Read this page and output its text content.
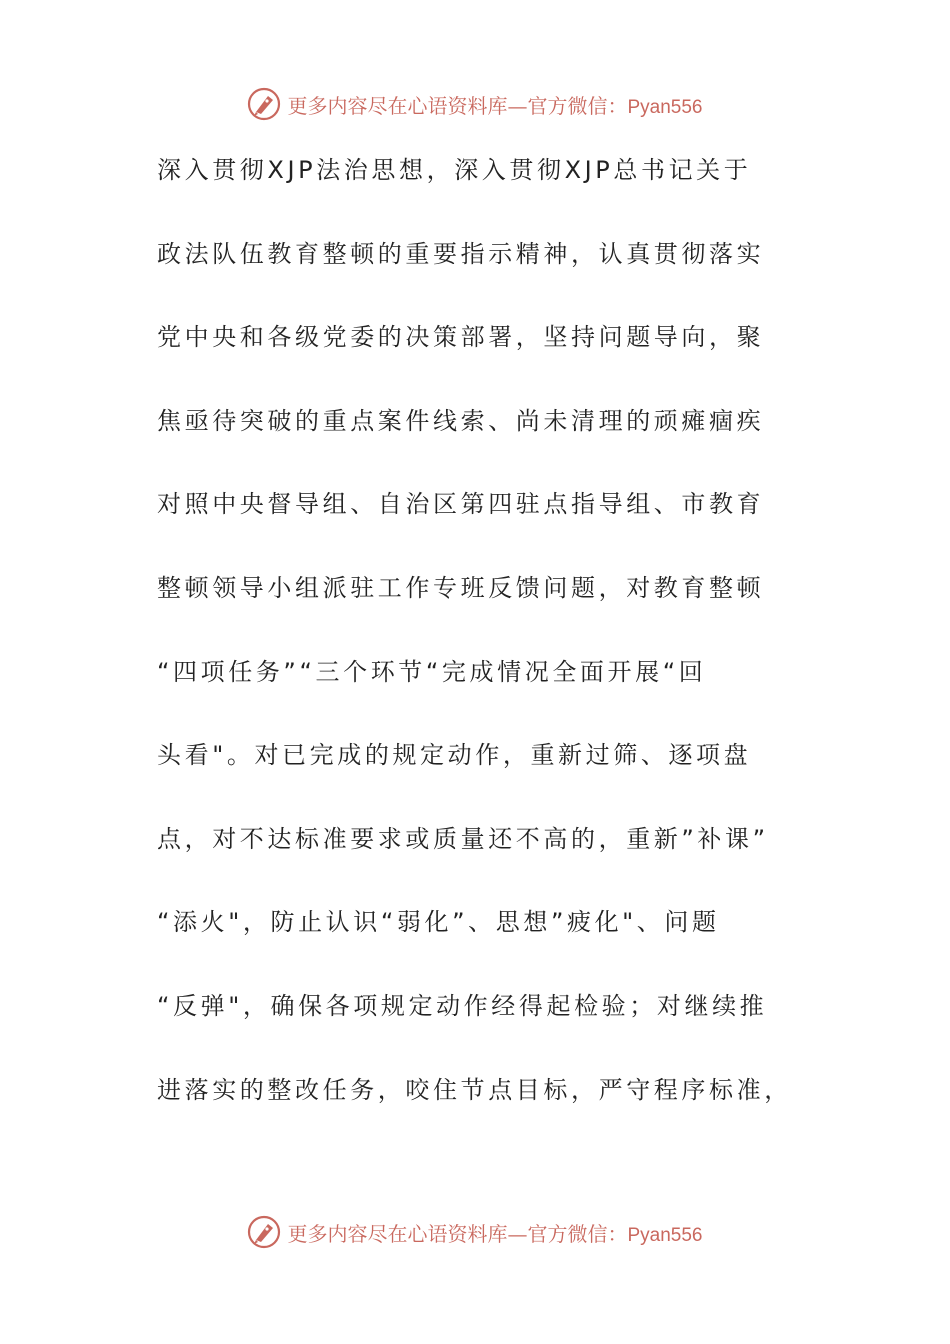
更多内容尽在心语资料库—官方微信：Pyan556
深入贯彻XJP法治思想，深入贯彻XJP总书记关于
政法队伍教育整顿的重要指示精神，认真贯彻落实
党中央和各级党委的决策部署，坚持问题导向，聚
焦亟待突破的重点案件线索、尚未清理的顽瘫痼疾
对照中央督导组、自治区第四驻点指导组、市教育
整顿领导小组派驻工作专班反馈问题，对教育整顿
“四项任务”“三个环节“完成情况全面开展“回
头看"。对已完成的规定动作，重新过筛、逐项盘
点，对不达标准要求或质量还不高的，重新”补课”
“添火"，防止认识“弱化”、思想”疲化"、问题
“反弹"，确保各项规定动作经得起检验；对继续推
进落实的整改任务，咬住节点目标，严守程序标准，
更多内容尽在心语资料库—官方微信：Pyan556
